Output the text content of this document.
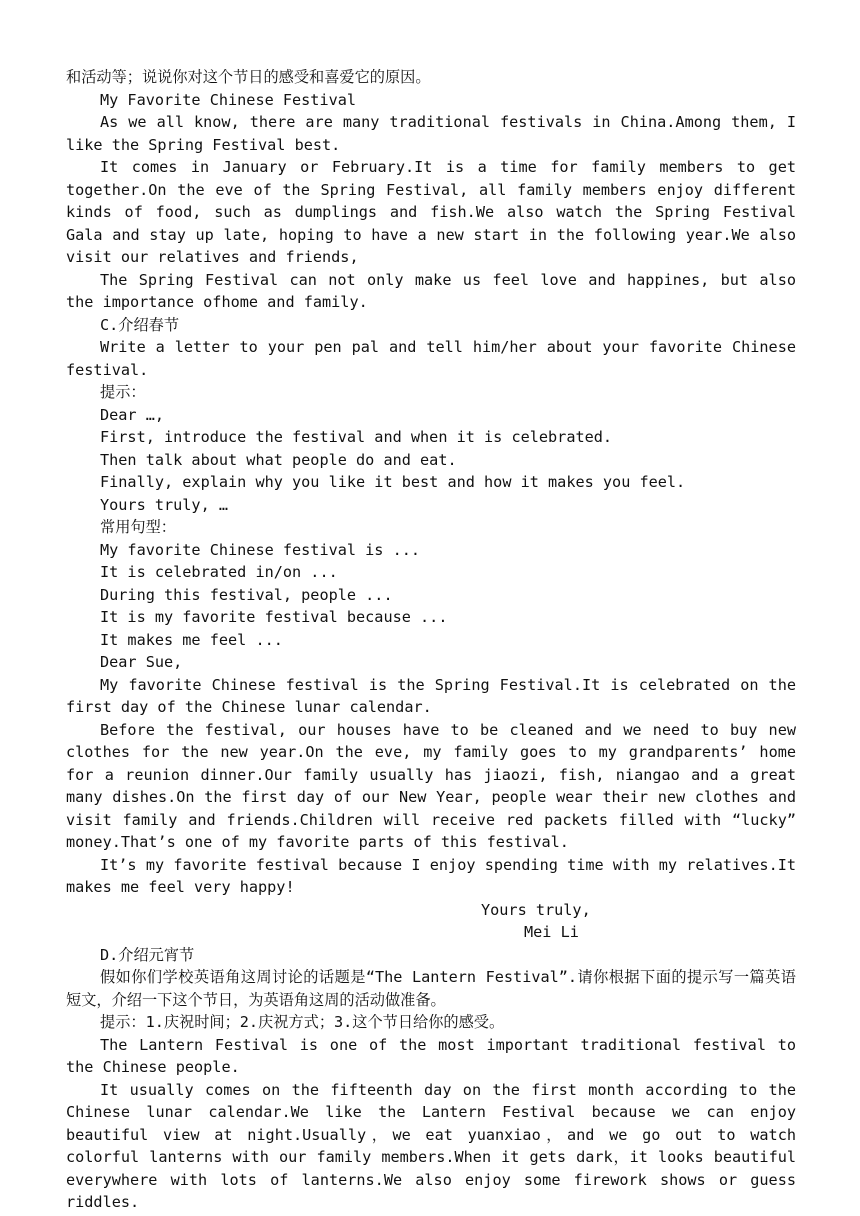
和活动等；说说你对这个节日的感受和喜爱它的原因。

My Favorite Chinese Festival

As we all know, there are many traditional festivals in China.Among them, I like the Spring Festival best.

It comes in January or February.It is a time for family members to get together.On the eve of the Spring Festival, all family members enjoy different kinds of food, such as dumplings and fish.We also watch the Spring Festival Gala and stay up late, hoping to have a new start in the following year.We also visit our relatives and friends,

The Spring Festival can not only make us feel love and happines, but also the importance ofhome and family.

C.介绍春节

Write a letter to your pen pal and tell him/her about your favorite Chinese festival.

提示：

Dear …,

First, introduce the festival and when it is celebrated.

Then talk about what people do and eat.

Finally, explain why you like it best and how it makes you feel.

Yours truly, …

常用句型：

My favorite Chinese festival is ...

It is celebrated in/on ...

During this festival, people ...

It is my favorite festival because ...

It makes me feel ...

Dear Sue,

My favorite Chinese festival is the Spring Festival.It is celebrated on the first day of the Chinese lunar calendar.

Before the festival, our houses have to be cleaned and we need to buy new clothes for the new year.On the eve, my family goes to my grandparents’ home for a reunion dinner.Our family usually has jiaozi, fish, niangao and a great many dishes.On the first day of our New Year, people wear their new clothes and visit family and friends.Children will receive red packets filled with “lucky” money.That’s one of my favorite parts of this festival.

It’s my favorite festival because I enjoy spending time with my relatives.It makes me feel very happy!

Yours truly,

Mei Li

D.介绍元宵节

假如你们学校英语角这周讨论的话题是“The Lantern Festival”.请你根据下面的提示写一篇英语短文，介绍一下这个节日，为英语角这周的活动做准备。

提示：1.庆祝时间；2.庆祝方式；3.这个节日给你的感受。

The Lantern Festival is one of the most important traditional festival to the Chinese people.

It usually comes on the fifteenth day on the first month according to the Chinese lunar calendar.We like the Lantern Festival because we can enjoy beautiful view at night.Usually，we eat yuanxiao，and we go out to watch colorful lanterns with our family members.When it gets dark，it looks beautiful everywhere with lots of lanterns.We also enjoy some firework shows or guess riddles.
